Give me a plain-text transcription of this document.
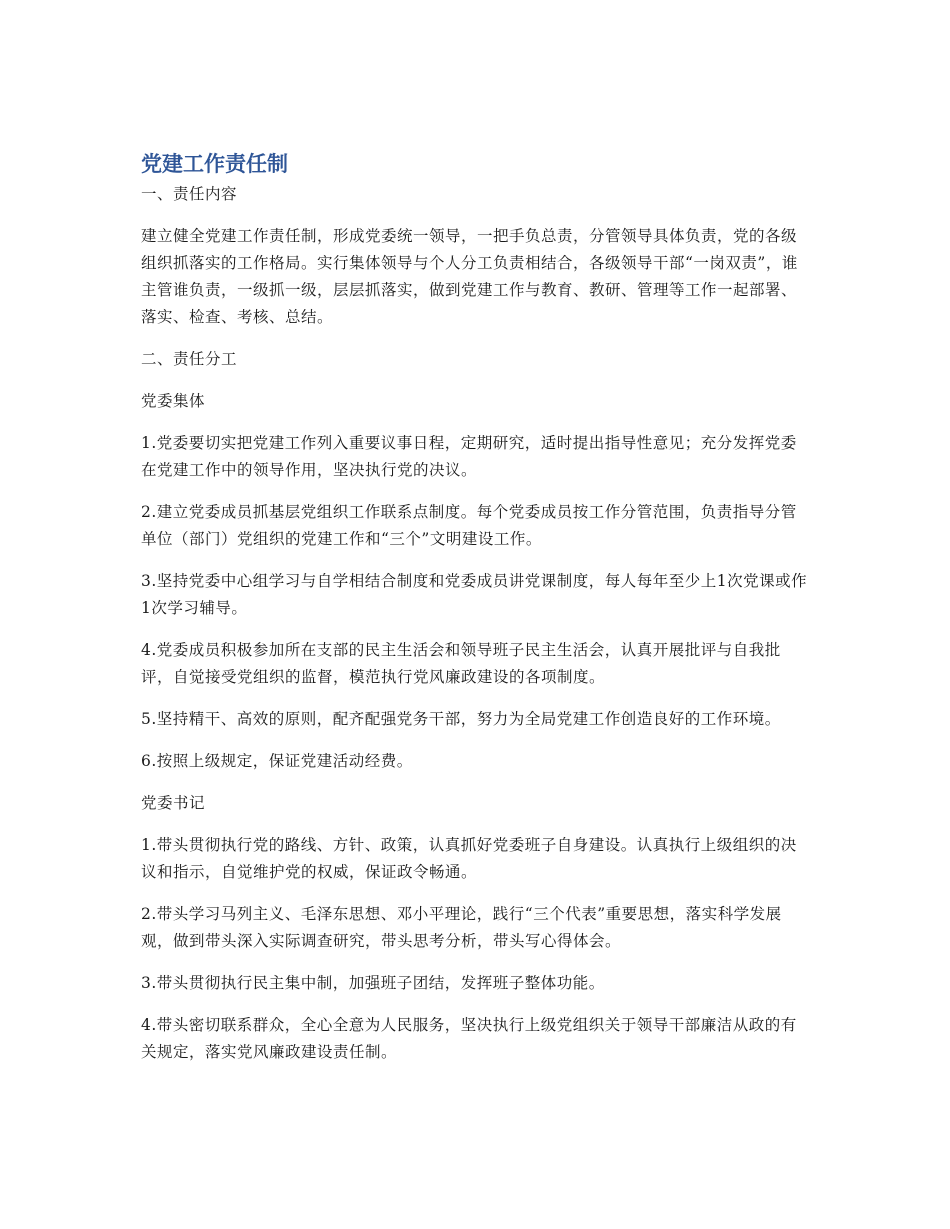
党建工作责任制

一、责任内容

建立健全党建工作责任制，形成党委统一领导，一把手负总责，分管领导具体负责，党的各级组织抓落实的工作格局。实行集体领导与个人分工负责相结合，各级领导干部“一岗双责”，谁主管谁负责，一级抓一级，层层抓落实，做到党建工作与教育、教研、管理等工作一起部署、落实、检查、考核、总结。

二、责任分工

党委集体

1.党委要切实把党建工作列入重要议事日程，定期研究，适时提出指导性意见；充分发挥党委在党建工作中的领导作用，坚决执行党的决议。

2.建立党委成员抓基层党组织工作联系点制度。每个党委成员按工作分管范围，负责指导分管单位（部门）党组织的党建工作和“三个”文明建设工作。

3.坚持党委中心组学习与自学相结合制度和党委成员讲党课制度，每人每年至少上1次党课或作1次学习辅导。

4.党委成员积极参加所在支部的民主生活会和领导班子民主生活会，认真开展批评与自我批评，自觉接受党组织的监督，模范执行党风廉政建设的各项制度。

5.坚持精干、高效的原则，配齐配强党务干部，努力为全局党建工作创造良好的工作环境。

6.按照上级规定，保证党建活动经费。

党委书记

1.带头贯彻执行党的路线、方针、政策，认真抓好党委班子自身建设。认真执行上级组织的决议和指示，自觉维护党的权威，保证政令畅通。

2.带头学习马列主义、毛泽东思想、邓小平理论，践行“三个代表”重要思想，落实科学发展观，做到带头深入实际调查研究，带头思考分析，带头写心得体会。

3.带头贯彻执行民主集中制，加强班子团结，发挥班子整体功能。

4.带头密切联系群众，全心全意为人民服务，坚决执行上级党组织关于领导干部廉洁从政的有关规定，落实党风廉政建设责任制。
